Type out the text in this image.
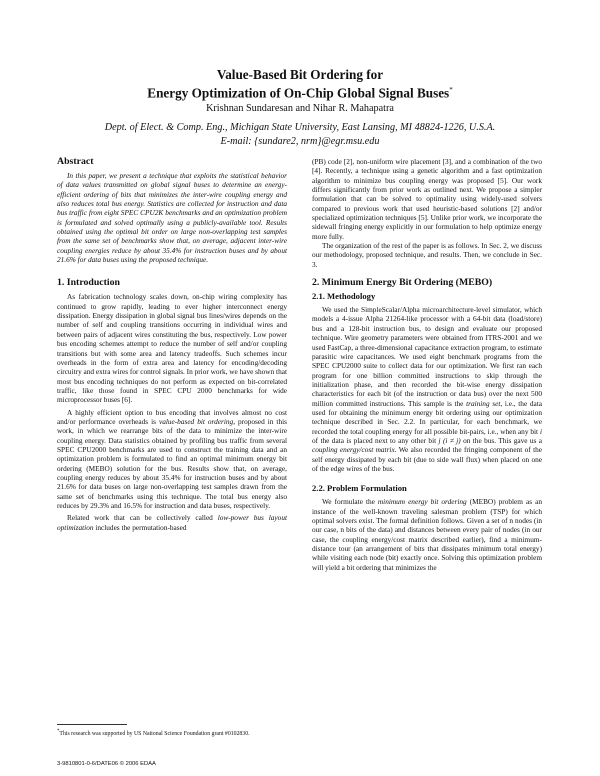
Value-Based Bit Ordering for
Energy Optimization of On-Chip Global Signal Buses*
Krishnan Sundaresan and Nihar R. Mahapatra
Dept. of Elect. & Comp. Eng., Michigan State University, East Lansing, MI 48824-1226, U.S.A.
E-mail: {sundare2, nrm}@egr.msu.edu
Abstract

In this paper, we present a technique that exploits the statistical behavior of data values transmitted on global signal buses to determine an energy-efficient ordering of bits that minimizes the inter-wire coupling energy and also reduces total bus energy. Statistics are collected for instruction and data bus traffic from eight SPEC CPU2K benchmarks and an optimization problem is formulated and solved optimally using a publicly-available tool. Results obtained using the optimal bit order on large non-overlapping test samples from the same set of benchmarks show that, on average, adjacent inter-wire coupling energies reduce by about 35.4% for instruction buses and by about 21.6% for data buses using the proposed technique.

1. Introduction

As fabrication technology scales down, on-chip wiring complexity has continued to grow rapidly, leading to ever higher interconnect energy dissipation. Energy dissipation in global signal bus lines/wires depends on the number of self and coupling transitions occurring in individual wires and between pairs of adjacent wires constituting the bus, respectively. Low power bus encoding schemes attempt to reduce the number of self and/or coupling transitions but with some area and latency tradeoffs. Such schemes incur overheads in the form of extra area and latency for encoding/decoding circuitry and extra wires for control signals. In prior work, we have shown that most bus encoding techniques do not perform as expected on bit-correlated traffic, like those found in SPEC CPU 2000 benchmarks for wide microprocessor buses [6].

A highly efficient option to bus encoding that involves almost no cost and/or performance overheads is value-based bit ordering, proposed in this work, in which we rearrange bits of the data to minimize the inter-wire coupling energy. Data statistics obtained by profiling bus traffic from several SPEC CPU2000 benchmarks are used to construct the training data and an optimization problem is formulated to find an optimal minimum energy bit ordering (MEBO) solution for the bus. Results show that, on average, coupling energy reduces by about 35.4% for instruction buses and by about 21.6% for data buses on large non-overlapping test samples drawn from the same set of benchmarks using this technique. The total bus energy also reduces by 29.3% and 16.5% for instruction and data buses, respectively.

Related work that can be collectively called low-power bus layout optimization includes the permutation-based

*This research was supported by US National Science Foundation grant #0102830.

(PB) code [2], non-uniform wire placement [3], and a combination of the two [4]. Recently, a technique using a genetic algorithm and a fast optimization algorithm to minimize bus coupling energy was proposed [5]. Our work differs significantly from prior work as outlined next. We propose a simpler formulation that can be solved to optimality using widely-used solvers compared to previous work that used heuristic-based solutions [2] and/or specialized optimization techniques [5]. Unlike prior work, we incorporate the sidewall fringing energy explicitly in our formulation to help optimize energy more fully.

The organization of the rest of the paper is as follows. In Sec. 2, we discuss our methodology, proposed technique, and results. Then, we conclude in Sec. 3.

2. Minimum Energy Bit Ordering (MEBO)
2.1. Methodology

We used the SimpleScalar/Alpha microarchitecture-level simulator, which models a 4-issue Alpha 21264-like processor with a 64-bit data (load/store) bus and a 128-bit instruction bus, to design and evaluate our proposed technique. Wire geometry parameters were obtained from ITRS-2001 and we used FastCap, a three-dimensional capacitance extraction program, to estimate parasitic wire capacitances. We used eight benchmark programs from the SPEC CPU2000 suite to collect data for our optimization. We first ran each program for one billion committed instructions to skip through the initialization phase, and then recorded the bit-wise energy dissipation characteristics for each bit (of the instruction or data bus) over the next 500 million committed instructions. This sample is the training set, i.e., the data used for obtaining the minimum energy bit ordering using our optimization technique described in Sec. 2.2. In particular, for each benchmark, we recorded the total coupling energy for all possible bit-pairs, i.e., when any bit i of the data is placed next to any other bit j (i ≠ j) on the bus. This gave us a coupling energy/cost matrix. We also recorded the fringing component of the self energy dissipated by each bit (due to side wall flux) when placed on one of the edge wires of the bus.

2.2. Problem Formulation

We formulate the minimum energy bit ordering (MEBO) problem as an instance of the well-known traveling salesman problem (TSP) for which optimal solvers exist. The formal definition follows. Given a set of n nodes (in our case, n bits of the data) and distances between every pair of nodes (in our case, the coupling energy/cost matrix described earlier), find a minimum-distance tour (an arrangement of bits that dissipates minimum total energy) while visiting each node (bit) exactly once. Solving this optimization problem will yield a bit ordering that minimizes the

3-9810801-0-6/DATE06 © 2006 EDAA
